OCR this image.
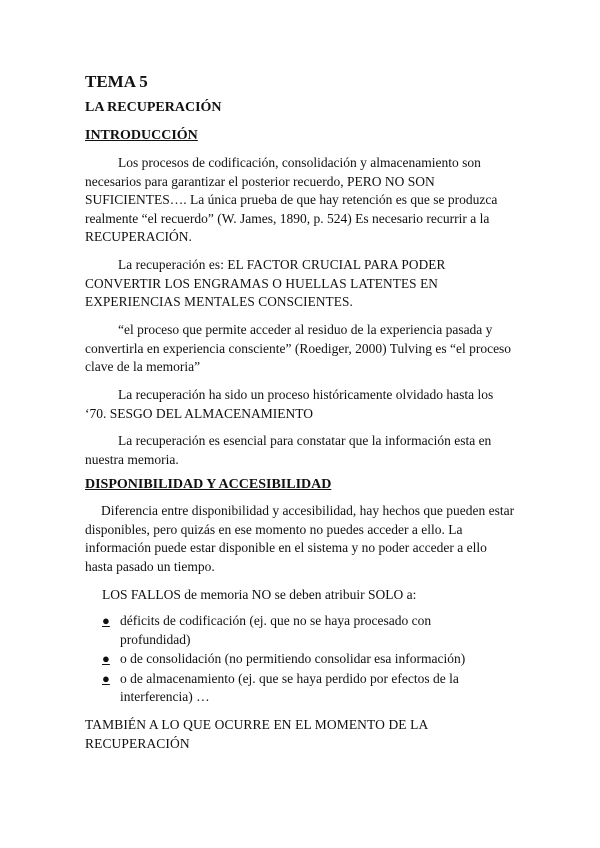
TEMA 5
LA RECUPERACIÓN
INTRODUCCIÓN

Los procesos de codificación, consolidación y almacenamiento son necesarios para garantizar el posterior recuerdo, PERO NO SON SUFICIENTES…. La única prueba de que hay retención es que se produzca realmente “el recuerdo” (W. James, 1890, p. 524) Es necesario recurrir a la RECUPERACIÓN.

La recuperación es: EL FACTOR CRUCIAL PARA PODER CONVERTIR LOS ENGRAMAS O HUELLAS LATENTES EN EXPERIENCIAS MENTALES CONSCIENTES.

“el proceso que permite acceder al residuo de la experiencia pasada y convertirla en experiencia consciente” (Roediger, 2000) Tulving es “el proceso clave de la memoria”

La recuperación ha sido un proceso históricamente olvidado hasta los ‘70. SESGO DEL ALMACENAMIENTO

La recuperación es esencial para constatar que la información esta en nuestra memoria.

DISPONIBILIDAD Y ACCESIBILIDAD

Diferencia entre disponibilidad y accesibilidad, hay hechos que pueden estar disponibles, pero quizás en ese momento no puedes acceder a ello. La información puede estar disponible en el sistema y no poder acceder a ello hasta pasado un tiempo.

LOS FALLOS de memoria NO se deben atribuir SOLO a:

● déficits de codificación (ej. que no se haya procesado con profundidad)
● o de consolidación (no permitiendo consolidar esa información)
● o de almacenamiento (ej. que se haya perdido por efectos de la interferencia) …

TAMBIÉN A LO QUE OCURRE EN EL MOMENTO DE LA RECUPERACIÓN
